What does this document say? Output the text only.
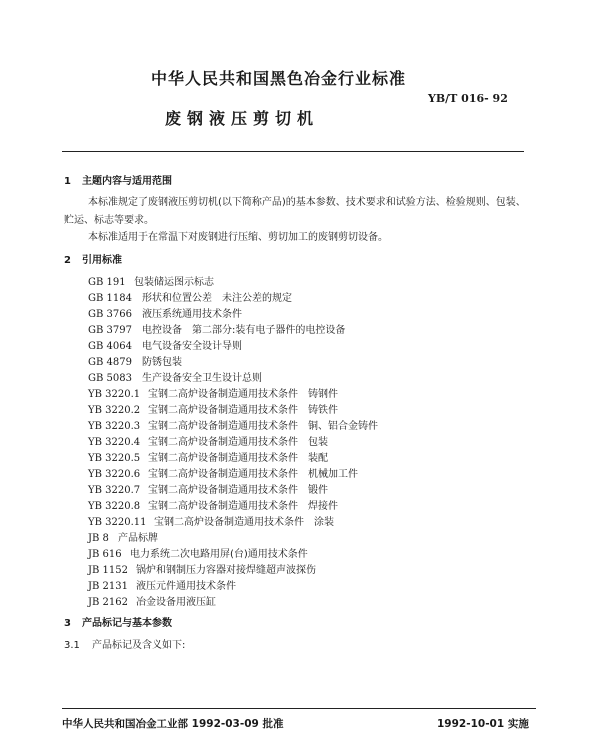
中华人民共和国黑色冶金行业标准
YB/T 016- 92
废钢液压剪切机
1 主题内容与适用范围
本标准规定了废钢液压剪切机(以下简称产品)的基本参数、技术要求和试验方法、检验规则、包装、
贮运、标志等要求。
本标准适用于在常温下对废钢进行压缩、剪切加工的废钢剪切设备。
2 引用标准
GB 191 包装储运图示标志
GB 1184 形状和位置公差　未注公差的规定
GB 3766 液压系统通用技术条件
GB 3797 电控设备　第二部分:装有电子器件的电控设备
GB 4064 电气设备安全设计导则
GB 4879 防锈包装
GB 5083 生产设备安全卫生设计总则
YB 3220.1 宝钢二高炉设备制造通用技术条件　铸钢件
YB 3220.2 宝钢二高炉设备制造通用技术条件　铸铁件
YB 3220.3 宝钢二高炉设备制造通用技术条件　铜、铝合金铸件
YB 3220.4 宝钢二高炉设备制造通用技术条件　包装
YB 3220.5 宝钢二高炉设备制造通用技术条件　装配
YB 3220.6 宝钢二高炉设备制造通用技术条件　机械加工件
YB 3220.7 宝钢二高炉设备制造通用技术条件　锻件
YB 3220.8 宝钢二高炉设备制造通用技术条件　焊接件
YB 3220.11 宝钢二高炉设备制造通用技术条件　涂装
JB 8 产品标牌
JB 616 电力系统二次电路用屏(台)通用技术条件
JB 1152 锅炉和钢制压力容器对接焊缝超声波探伤
JB 2131 液压元件通用技术条件
JB 2162 冶金设备用液压缸
3 产品标记与基本参数
3.1 产品标记及含义如下:
中华人民共和国冶金工业部 1992-03-09 批准	1992-10-01 实施
